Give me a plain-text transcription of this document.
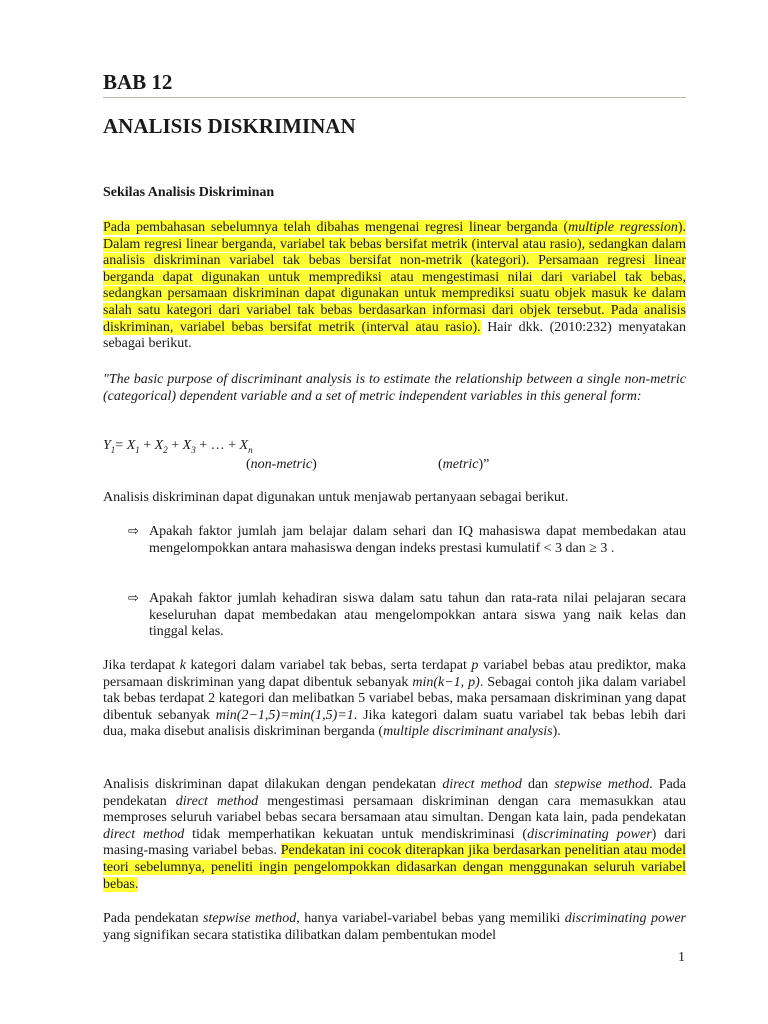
BAB 12
ANALISIS DISKRIMINAN
Sekilas Analisis Diskriminan

Pada pembahasan sebelumnya telah dibahas mengenai regresi linear berganda (multiple regression). Dalam regresi linear berganda, variabel tak bebas bersifat metrik (interval atau rasio), sedangkan dalam analisis diskriminan variabel tak bebas bersifat non-metrik (kategori). Persamaan regresi linear berganda dapat digunakan untuk memprediksi atau mengestimasi nilai dari variabel tak bebas, sedangkan persamaan diskriminan dapat digunakan untuk memprediksi suatu objek masuk ke dalam salah satu kategori dari variabel tak bebas berdasarkan informasi dari objek tersebut. Pada analisis diskriminan, variabel bebas bersifat metrik (interval atau rasio). Hair dkk. (2010:232) menyatakan sebagai berikut.

"The basic purpose of discriminant analysis is to estimate the relationship between a single non-metric (categorical) dependent variable and a set of metric independent variables in this general form:

$Y_1= X_1 + X_2 + X_3$ + … + $X_n$

(non-metric)	(metric)”

Analisis diskriminan dapat digunakan untuk menjawab pertanyaan sebagai berikut.

⇨ Apakah faktor jumlah jam belajar dalam sehari dan IQ mahasiswa dapat membedakan atau mengelompokkan antara mahasiswa dengan indeks prestasi kumulatif < 3 dan ≥ 3 .
⇨ Apakah faktor jumlah kehadiran siswa dalam satu tahun dan rata-rata nilai pelajaran secara keseluruhan dapat membedakan atau mengelompokkan antara siswa yang naik kelas dan tinggal kelas.

Jika terdapat k kategori dalam variabel tak bebas, serta terdapat p variabel bebas atau prediktor, maka persamaan diskriminan yang dapat dibentuk sebanyak min(k−1, p). Sebagai contoh jika dalam variabel tak bebas terdapat 2 kategori dan melibatkan 5 variabel bebas, maka persamaan diskriminan yang dapat dibentuk sebanyak min(2−1,5)=min(1,5)=1. Jika kategori dalam suatu variabel tak bebas lebih dari dua, maka disebut analisis diskriminan berganda (multiple discriminant analysis).

Analisis diskriminan dapat dilakukan dengan pendekatan direct method dan stepwise method. Pada pendekatan direct method mengestimasi persamaan diskriminan dengan cara memasukkan atau memproses seluruh variabel bebas secara bersamaan atau simultan. Dengan kata lain, pada pendekatan direct method tidak memperhatikan kekuatan untuk mendiskriminasi (discriminating power) dari masing-masing variabel bebas. Pendekatan ini cocok diterapkan jika berdasarkan penelitian atau model teori sebelumnya, peneliti ingin pengelompokkan didasarkan dengan menggunakan seluruh variabel bebas.

Pada pendekatan stepwise method, hanya variabel-variabel bebas yang memiliki discriminating power yang signifikan secara statistika dilibatkan dalam pembentukan model

1
